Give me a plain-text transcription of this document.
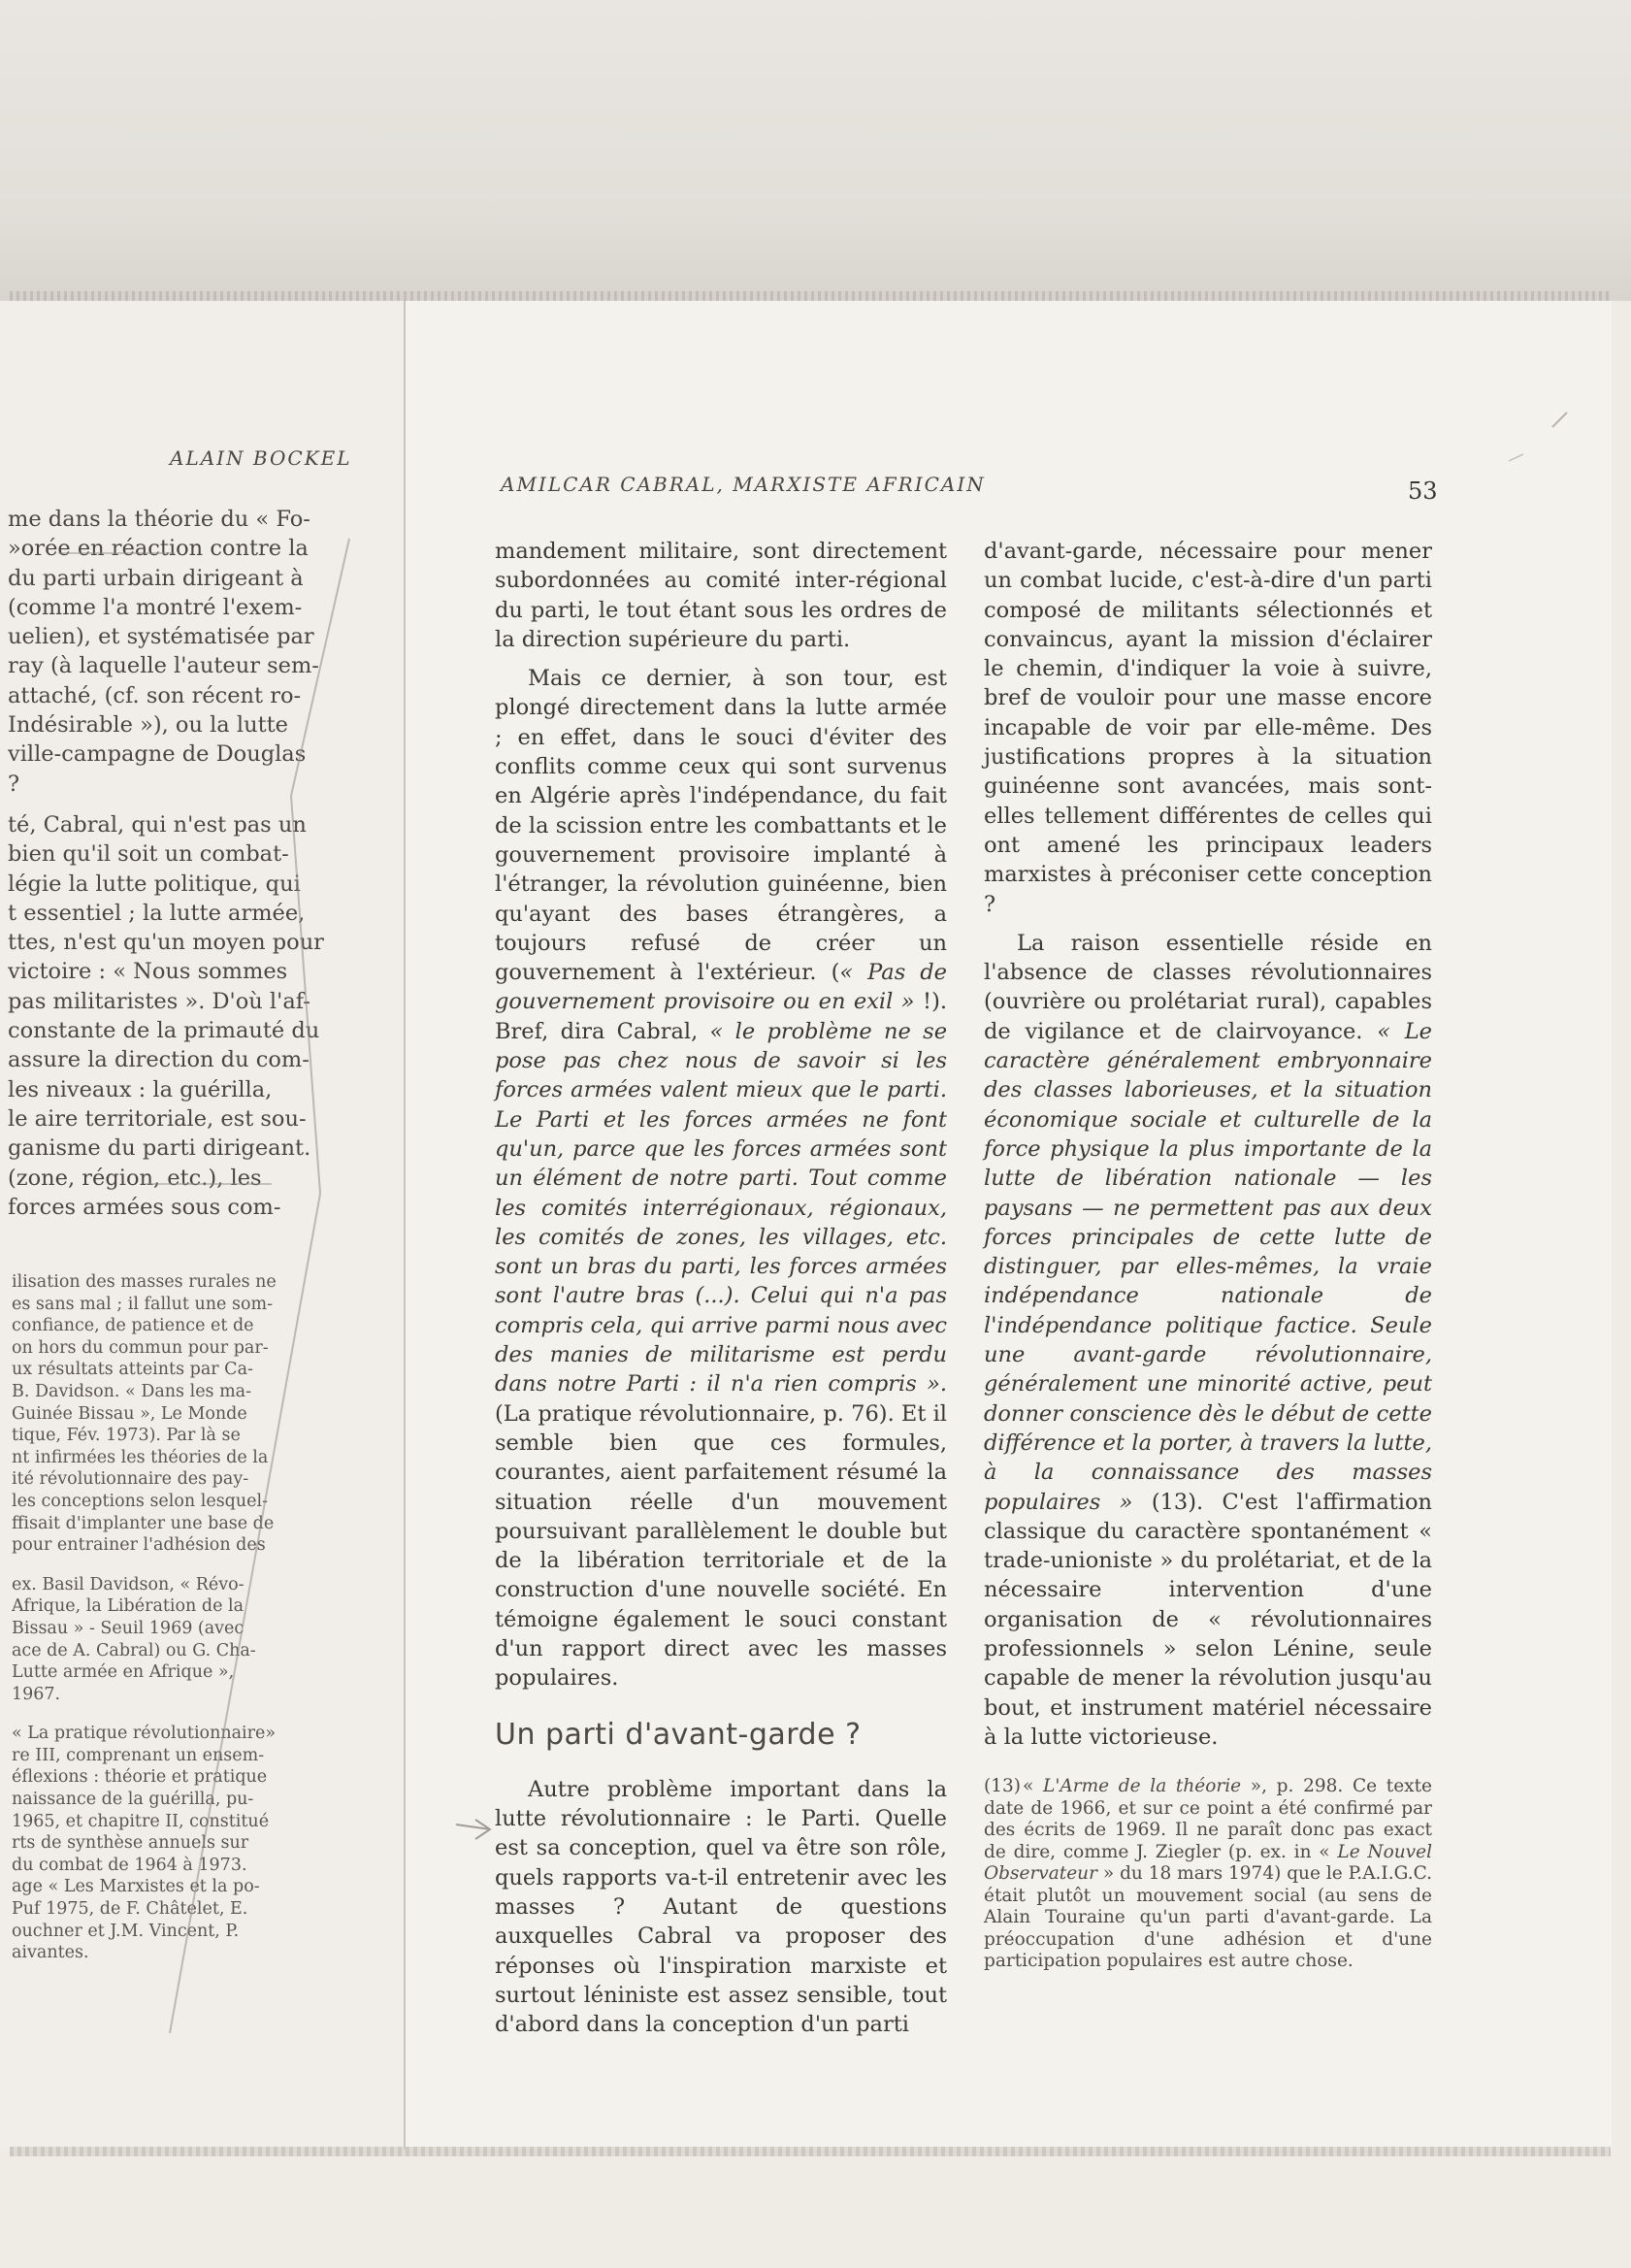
ALAIN BOCKEL
me dans la théorie du « Fo-
»orée en réaction contre la
du parti urbain dirigeant à
(comme l'a montré l'exem-
uelien), et systématisée par
ray (à laquelle l'auteur sem-
attaché, (cf. son récent ro-
Indésirable »), ou la lutte
ville-campagne de Douglas
?
té, Cabral, qui n'est pas un
bien qu'il soit un combat-
légie la lutte politique, qui
t essentiel ; la lutte armée,
ttes, n'est qu'un moyen pour
victoire : « Nous sommes
pas militaristes ». D'où l'af-
constante de la primauté du
assure la direction du com-
les niveaux : la guérilla,
le aire territoriale, est sou-
ganisme du parti dirigeant.
(zone, région, etc.), les
forces armées sous com-
ilisation des masses rurales ne
es sans mal ; il fallut une som-
confiance, de patience et de
on hors du commun pour par-
ux résultats atteints par Ca-
B. Davidson. « Dans les ma-
Guinée Bissau », Le Monde
tique, Fév. 1973). Par là se
nt infirmées les théories de la
ité révolutionnaire des pay-
les conceptions selon lesquel-
ffisait d'implanter une base de
pour entrainer l'adhésion des
ex. Basil Davidson, « Révo-
Afrique, la Libération de la
Bissau » - Seuil 1969 (avec
ace de A. Cabral) ou G. Cha-
Lutte armée en Afrique »,
1967.
« La pratique révolutionnaire»
re III, comprenant un ensem-
éflexions : théorie et pratique
naissance de la guérilla, pu-
1965, et chapitre II, constitué
rts de synthèse annuels sur
du combat de 1964 à 1973.
age « Les Marxistes et la po-
Puf 1975, de F. Châtelet, E.
ouchner et J.M. Vincent, P.
aivantes.
AMILCAR CABRAL, MARXISTE AFRICAIN	53

mandement militaire, sont directement subordonnées au comité inter-régional du parti, le tout étant sous les ordres de la direction supérieure du parti.

Mais ce dernier, à son tour, est plongé directement dans la lutte armée ; en effet, dans le souci d'éviter des conflits comme ceux qui sont survenus en Algérie après l'indépendance, du fait de la scission entre les combattants et le gouvernement provisoire implanté à l'étranger, la révolution guinéenne, bien qu'ayant des bases étrangères, a toujours refusé de créer un gouvernement à l'extérieur. (« Pas de gouvernement provisoire ou en exil » !). Bref, dira Cabral, « le problème ne se pose pas chez nous de savoir si les forces armées valent mieux que le parti. Le Parti et les forces armées ne font qu'un, parce que les forces armées sont un élément de notre parti. Tout comme les comités interrégionaux, régionaux, les comités de zones, les villages, etc. sont un bras du parti, les forces armées sont l'autre bras (...). Celui qui n'a pas compris cela, qui arrive parmi nous avec des manies de militarisme est perdu dans notre Parti : il n'a rien compris ». (La pratique révolutionnaire, p. 76). Et il semble bien que ces formules, courantes, aient parfaitement résumé la situation réelle d'un mouvement poursuivant parallèlement le double but de la libération territoriale et de la construction d'une nouvelle société. En témoigne également le souci constant d'un rapport direct avec les masses populaires.

Un parti d'avant-garde ?

Autre problème important dans la lutte révolutionnaire : le Parti. Quelle est sa conception, quel va être son rôle, quels rapports va-t-il entretenir avec les masses ? Autant de questions auxquelles Cabral va proposer des réponses où l'inspiration marxiste et surtout léniniste est assez sensible, tout d'abord dans la conception d'un parti

d'avant-garde, nécessaire pour mener un combat lucide, c'est-à-dire d'un parti composé de militants sélectionnés et convaincus, ayant la mission d'éclairer le chemin, d'indiquer la voie à suivre, bref de vouloir pour une masse encore incapable de voir par elle-même. Des justifications propres à la situation guinéenne sont avancées, mais sont-elles tellement différentes de celles qui ont amené les principaux leaders marxistes à préconiser cette conception ?

La raison essentielle réside en l'absence de classes révolutionnaires (ouvrière ou prolétariat rural), capables de vigilance et de clairvoyance. « Le caractère généralement embryonnaire des classes laborieuses, et la situation économique sociale et culturelle de la force physique la plus importante de la lutte de libération nationale — les paysans — ne permettent pas aux deux forces principales de cette lutte de distinguer, par elles-mêmes, la vraie indépendance nationale de l'indépendance politique factice. Seule une avant-garde révolutionnaire, généralement une minorité active, peut donner conscience dès le début de cette différence et la porter, à travers la lutte, à la connaissance des masses populaires » (13). C'est l'affirmation classique du caractère spontanément « trade-unioniste » du prolétariat, et de la nécessaire intervention d'une organisation de « révolutionnaires professionnels » selon Lénine, seule capable de mener la révolution jusqu'au bout, et instrument matériel nécessaire à la lutte victorieuse.

(13) « L'Arme de la théorie », p. 298. Ce texte date de 1966, et sur ce point a été confirmé par des écrits de 1969. Il ne paraît donc pas exact de dire, comme J. Ziegler (p. ex. in « Le Nouvel Observateur » du 18 mars 1974) que le P.A.I.G.C. était plutôt un mouvement social (au sens de Alain Touraine qu'un parti d'avant-garde. La préoccupation d'une adhésion et d'une participation populaires est autre chose.
